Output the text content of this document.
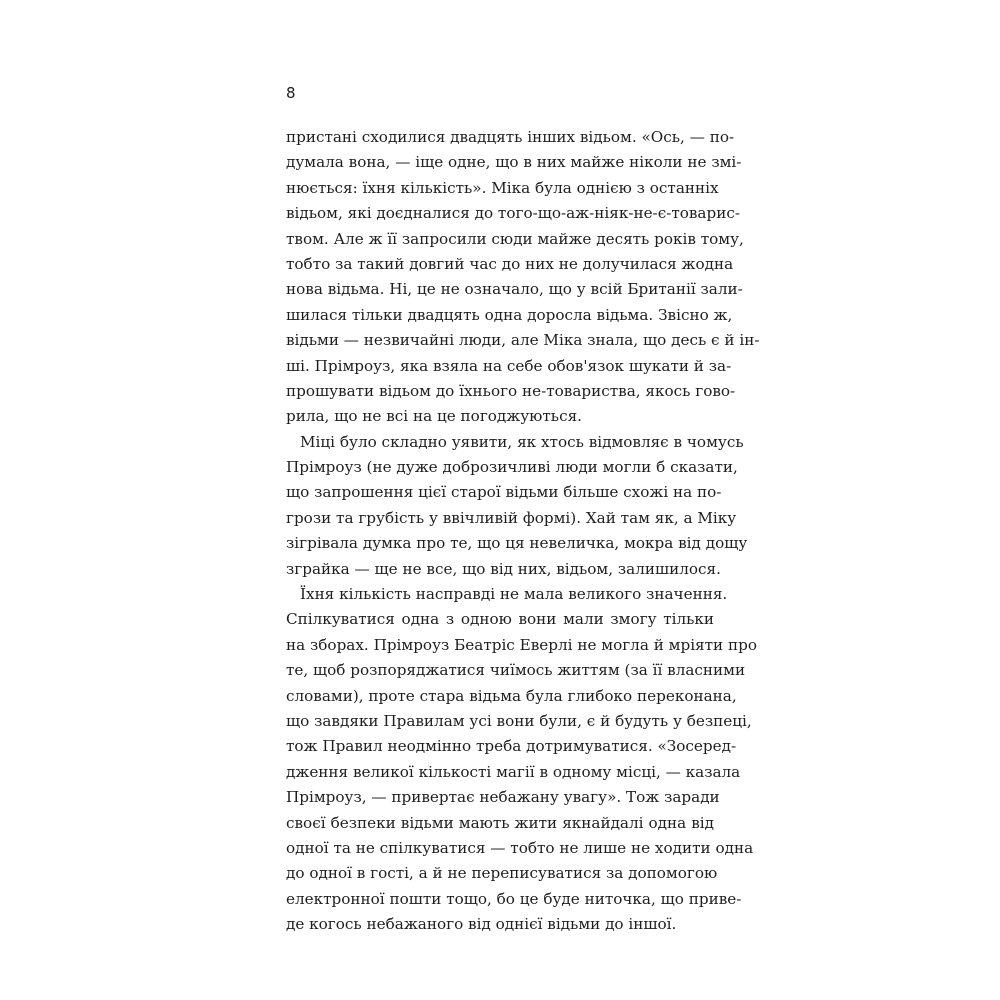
8
пристані сходилися двадцять інших відьом. «Ось, — по-
думала вона, — іще одне, що в них майже ніколи не змі-
нюється: їхня кількість». Міка була однією з останніх
відьом, які доєдналися до того-що-аж-ніяк-не-є-товарис-
твом. Але ж її запросили сюди майже десять років тому,
тобто за такий довгий час до них не долучилася жодна
нова відьма. Ні, це не означало, що у всій Британії зали-
шилася тільки двадцять одна доросла відьма. Звісно ж,
відьми — незвичайні люди, але Міка знала, що десь є й ін-
ші. Прімроуз, яка взяла на себе обов'язок шукати й за-
прошувати відьом до їхнього не-товариства, якось гово-
рила, що не всі на це погоджуються.
Міці було складно уявити, як хтось відмовляє в чомусь
Прімроуз (не дуже доброзичливі люди могли б сказати,
що запрошення цієї старої відьми більше схожі на по-
грози та грубість у ввічливій формі). Хай там як, а Міку
зігрівала думка про те, що ця невеличка, мокра від дощу
зграйка — ще не все, що від них, відьом, залишилося.
Їхня кількість насправді не мала великого значення.
Спілкуватися одна з одною вони мали змогу тільки
на зборах. Прімроуз Беатріс Еверлі не могла й мріяти про
те, щоб розпоряджатися чиїмось життям (за її власними
словами), проте стара відьма була глибоко переконана,
що завдяки Правилам усі вони були, є й будуть у безпеці,
тож Правил неодмінно треба дотримуватися. «Зосеред-
дження великої кількості магії в одному місці, — казала
Прімроуз, — привертає небажану увагу». Тож заради
своєї безпеки відьми мають жити якнайдалі одна від
одної та не спілкуватися — тобто не лише не ходити одна
до одної в гості, а й не переписуватися за допомогою
електронної пошти тощо, бо це буде ниточка, що приве-
де когось небажаного від однієї відьми до іншої.
